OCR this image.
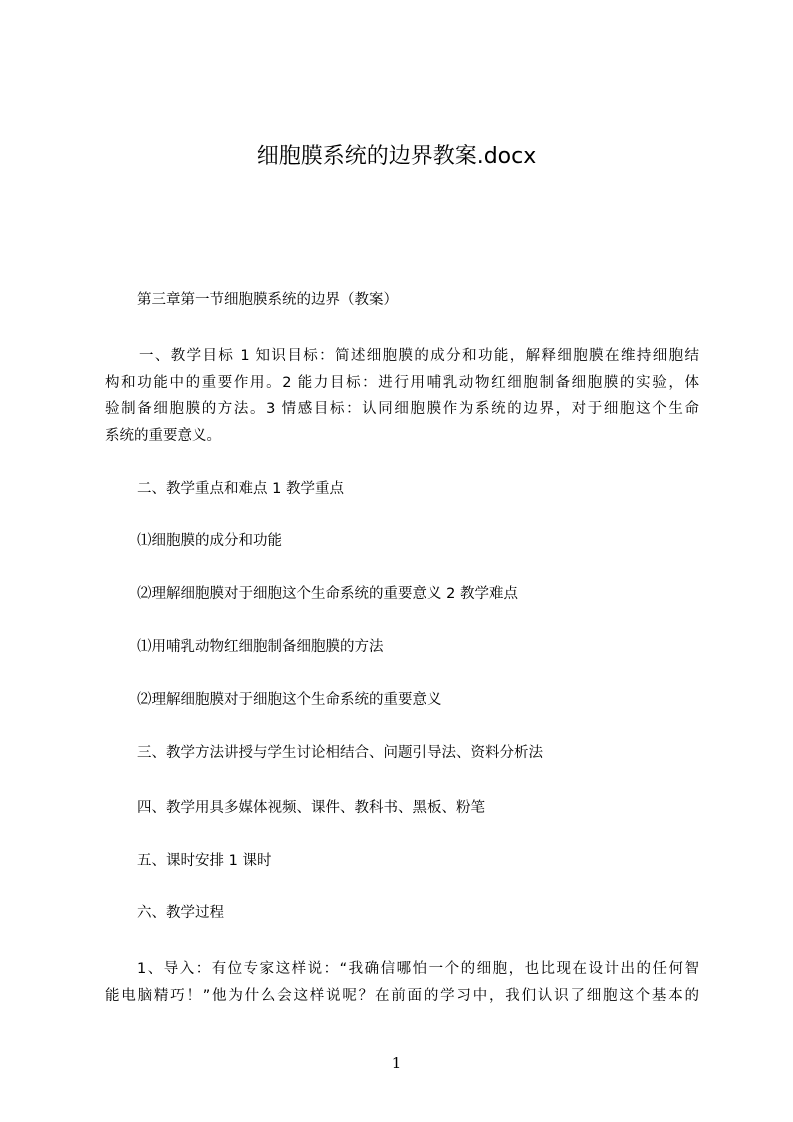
细胞膜系统的边界教案.docx
第三章第一节细胞膜系统的边界（教案）
一、教学目标 1 知识目标：简述细胞膜的成分和功能，解释细胞膜在维持细胞结
构和功能中的重要作用。2 能力目标：进行用哺乳动物红细胞制备细胞膜的实验，体
验制备细胞膜的方法。3 情感目标：认同细胞膜作为系统的边界，对于细胞这个生命
系统的重要意义。
二、教学重点和难点 1 教学重点
⑴细胞膜的成分和功能
⑵理解细胞膜对于细胞这个生命系统的重要意义 2 教学难点
⑴用哺乳动物红细胞制备细胞膜的方法
⑵理解细胞膜对于细胞这个生命系统的重要意义
三、教学方法讲授与学生讨论相结合、问题引导法、资料分析法
四、教学用具多媒体视频、课件、教科书、黑板、粉笔
五、课时安排 1 课时
六、教学过程
1、导入：有位专家这样说：“我确信哪怕一个的细胞，也比现在设计出的任何智
能电脑精巧！”他为什么会这样说呢？在前面的学习中，我们认识了细胞这个基本的
1
